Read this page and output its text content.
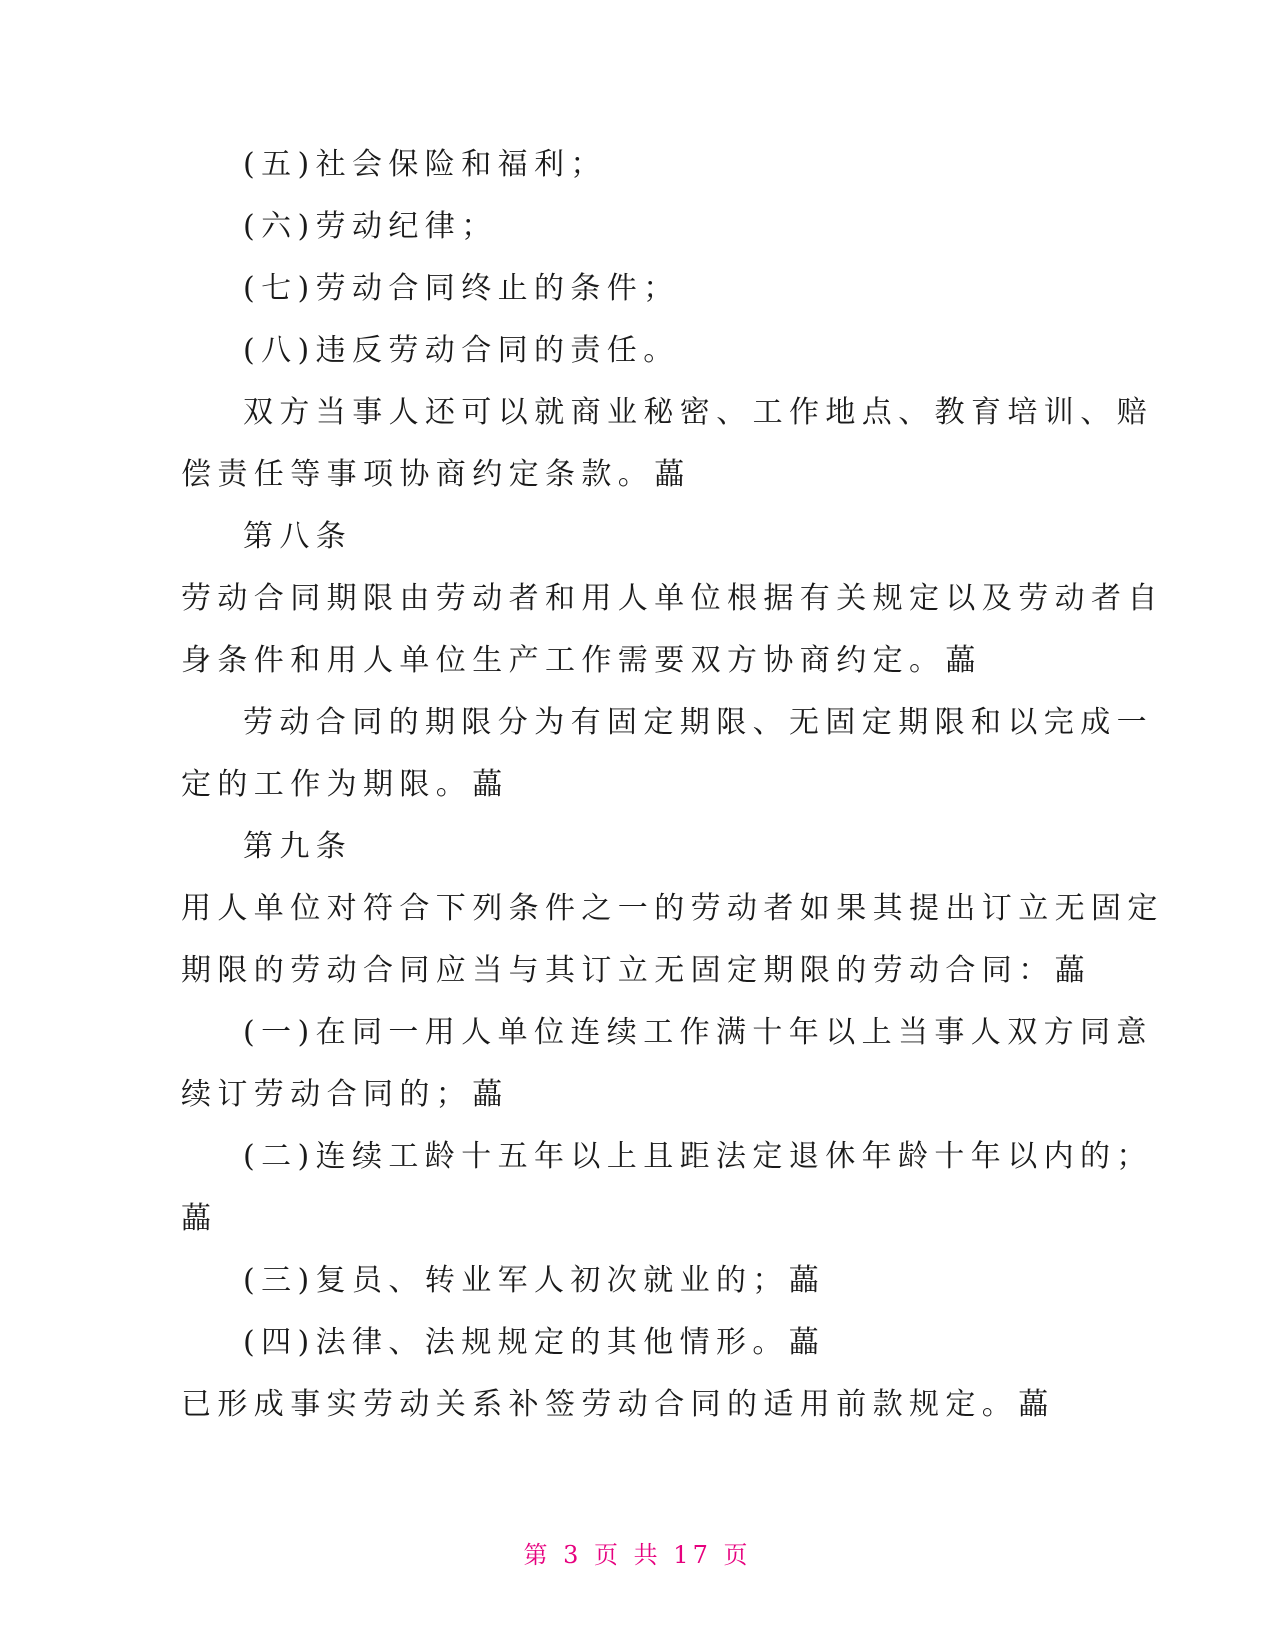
(五)社会保险和福利；
(六)劳动纪律；
(七)劳动合同终止的条件；
(八)违反劳动合同的责任。
双方当事人还可以就商业秘密、工作地点、教育培训、赔
偿责任等事项协商约定条款。藟
第八条
劳动合同期限由劳动者和用人单位根据有关规定以及劳动者自
身条件和用人单位生产工作需要双方协商约定。藟
劳动合同的期限分为有固定期限、无固定期限和以完成一
定的工作为期限。藟
第九条
用人单位对符合下列条件之一的劳动者如果其提出订立无固定
期限的劳动合同应当与其订立无固定期限的劳动合同：藟
(一)在同一用人单位连续工作满十年以上当事人双方同意
续订劳动合同的；藟
(二)连续工龄十五年以上且距法定退休年龄十年以内的；
藟
(三)复员、转业军人初次就业的；藟
(四)法律、法规规定的其他情形。藟
已形成事实劳动关系补签劳动合同的适用前款规定。藟
第 3 页 共 17 页
